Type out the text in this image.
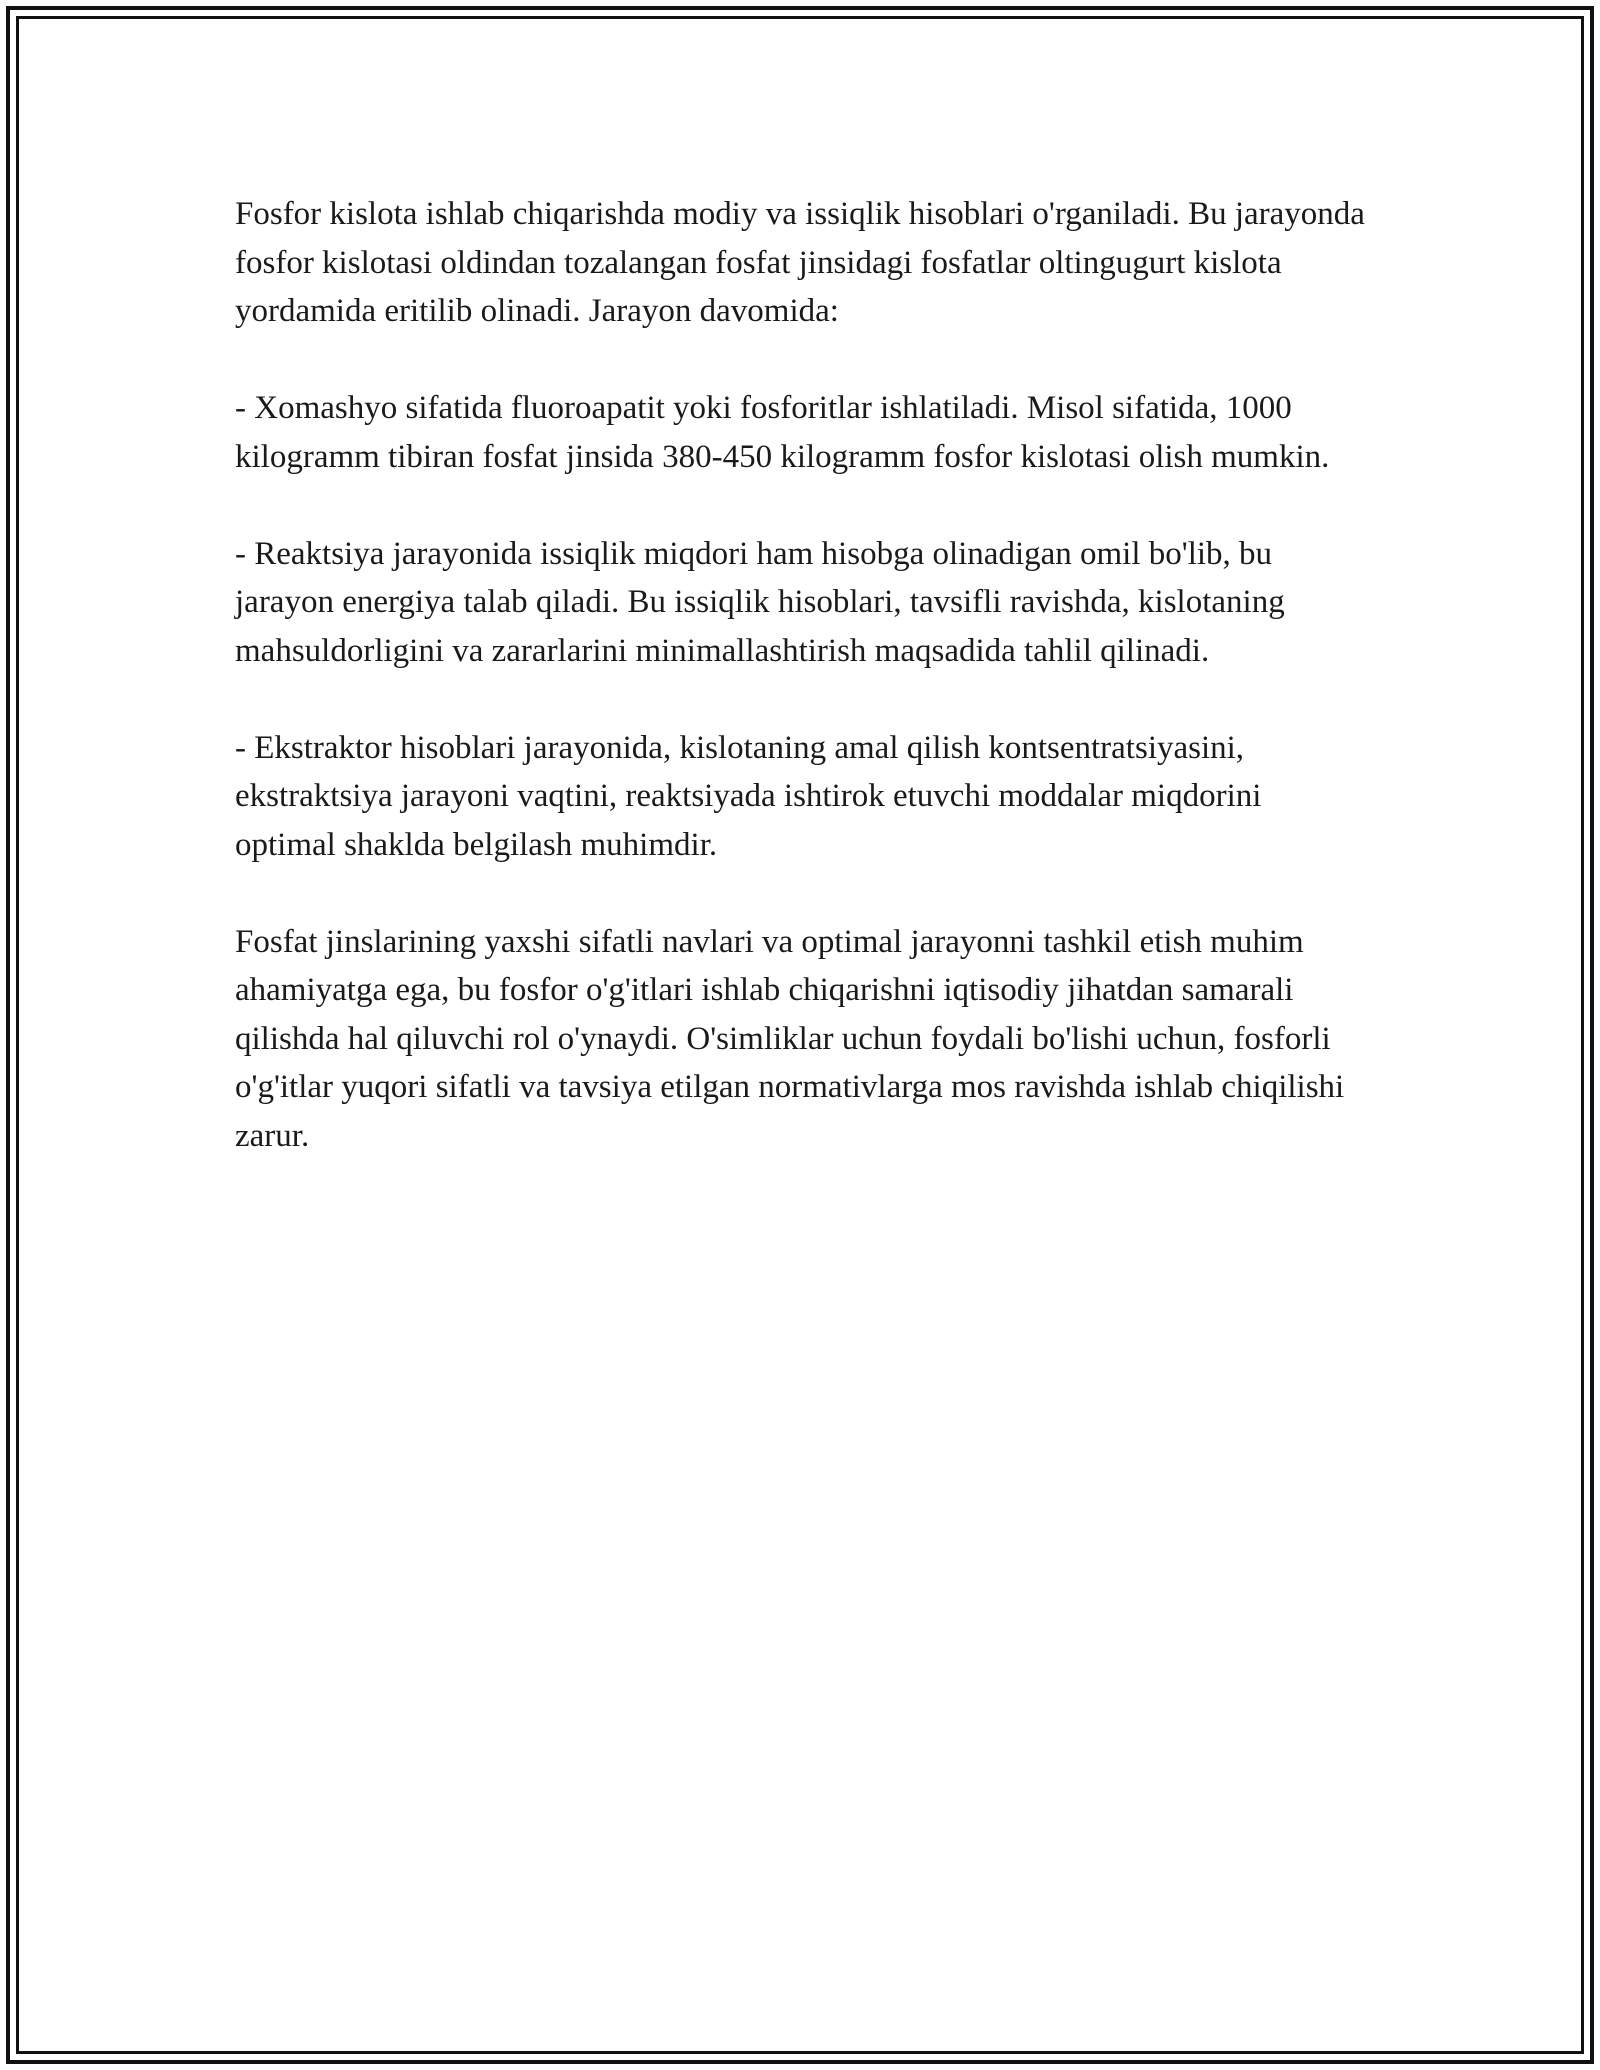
Fosfor kislota ishlab chiqarishda modiy va issiqlik hisoblari o'rganiladi. Bu jarayonda fosfor kislotasi oldindan tozalangan fosfat jinsidagi fosfatlar oltingugurt kislota yordamida eritilib olinadi. Jarayon davomida:

- Xomashyo sifatida fluoroapatit yoki fosforitlar ishlatiladi. Misol sifatida, 1000 kilogramm tibiran fosfat jinsida 380-450 kilogramm fosfor kislotasi olish mumkin.

- Reaktsiya jarayonida issiqlik miqdori ham hisobga olinadigan omil bo'lib, bu jarayon energiya talab qiladi. Bu issiqlik hisoblari, tavsifli ravishda, kislotaning mahsuldorligini va zararlarini minimallashtirish maqsadida tahlil qilinadi.

- Ekstraktor hisoblari jarayonida, kislotaning amal qilish kontsentratsiyasini, ekstraktsiya jarayoni vaqtini, reaktsiyada ishtirok etuvchi moddalar miqdorini optimal shaklda belgilash muhimdir.

Fosfat jinslarining yaxshi sifatli navlari va optimal jarayonni tashkil etish muhim ahamiyatga ega, bu fosfor o'g'itlari ishlab chiqarishni iqtisodiy jihatdan samarali qilishda hal qiluvchi rol o'ynaydi. O'simliklar uchun foydali bo'lishi uchun, fosforli o'g'itlar yuqori sifatli va tavsiya etilgan normativlarga mos ravishda ishlab chiqilishi zarur.
